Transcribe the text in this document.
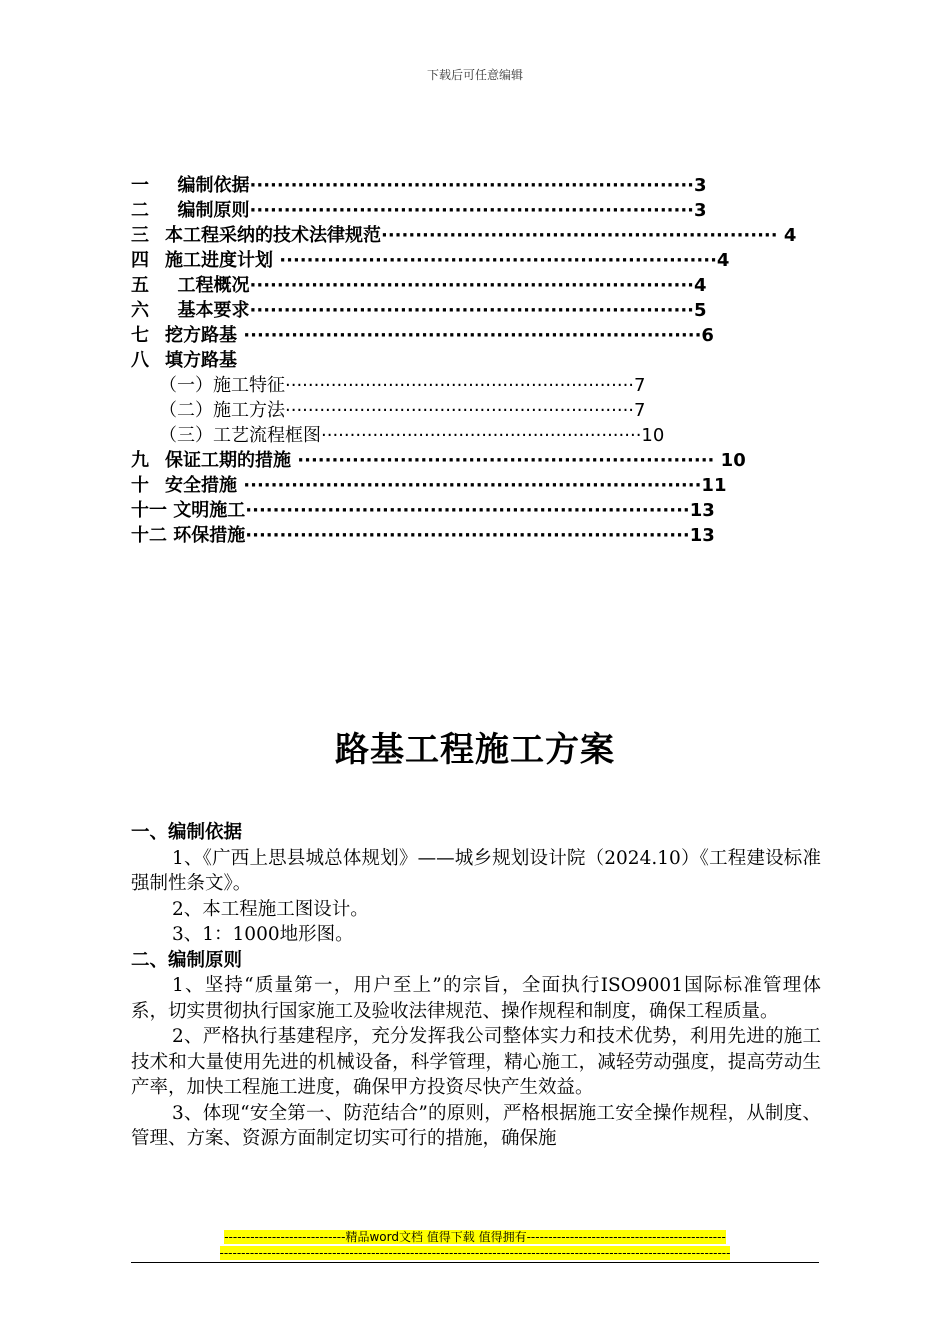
下载后可任意编辑
一  编制依据·································································3
二  编制原则·································································3
三 本工程采纳的技术法律规范·························································· 4
四 施工进度计划 ································································4
五  工程概况·································································4
六  基本要求·································································5
七 挖方路基 ···································································6
八 填方路基
（一）施工特征·····························································7
（二）施工方法·····························································7
（三）工艺流程框图························································10
九 保证工期的措施 ····························································· 10
十 安全措施 ···································································11
十一 文明施工·································································13
十二 环保措施·································································13
路基工程施工方案
一、编制依据
1、《广西上思县城总体规划》——城乡规划设计院（2024.10）《工程建设标准强制性条文》。
2、本工程施工图设计。
3、1：1000地形图。
二、编制原则
1、坚持“质量第一，用户至上”的宗旨，全面执行ISO9001国际标准管理体系，切实贯彻执行国家施工及验收法律规范、操作规程和制度，确保工程质量。
2、严格执行基建程序，充分发挥我公司整体实力和技术优势，利用先进的施工技术和大量使用先进的机械设备，科学管理，精心施工，减轻劳动强度，提高劳动生产率，加快工程施工进度，确保甲方投资尽快产生效益。
3、体现“安全第一、防范结合”的原则，严格根据施工安全操作规程，从制度、管理、方案、资源方面制定切实可行的措施，确保施
----------------------------精品word文档 值得下载 值得拥有----------------------------------------------
----------------------------------------------------------------------------------------------------------------------
